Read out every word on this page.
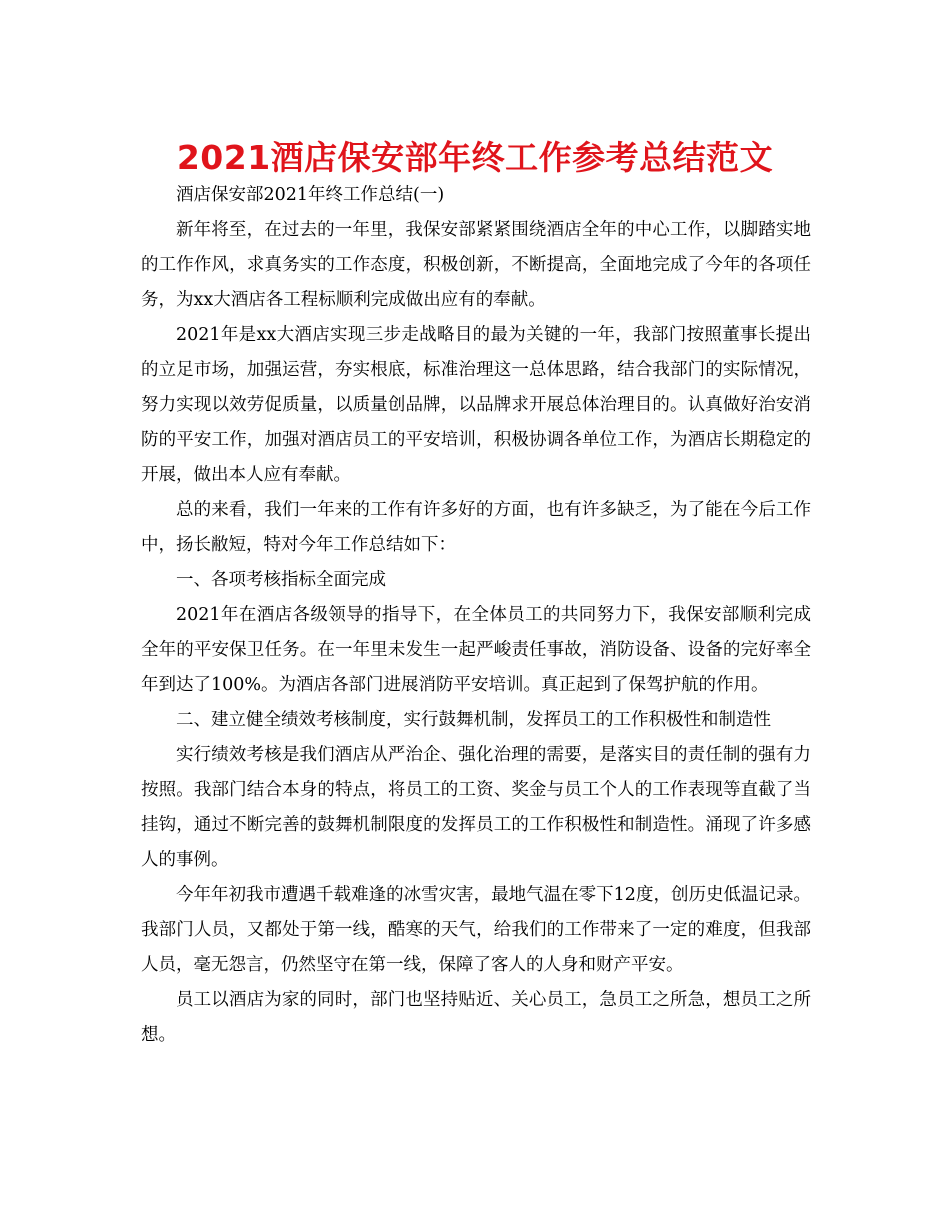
2021酒店保安部年终工作参考总结范文

酒店保安部2021年终工作总结(一)

新年将至，在过去的一年里，我保安部紧紧围绕酒店全年的中心工作，以脚踏实地的工作作风，求真务实的工作态度，积极创新，不断提高，全面地完成了今年的各项任务，为xx大酒店各工程标顺利完成做出应有的奉献。

2021年是xx大酒店实现三步走战略目的最为关键的一年，我部门按照董事长提出的立足市场，加强运营，夯实根底，标准治理这一总体思路，结合我部门的实际情况，努力实现以效劳促质量，以质量创品牌，以品牌求开展总体治理目的。认真做好治安消防的平安工作，加强对酒店员工的平安培训，积极协调各单位工作，为酒店长期稳定的开展，做出本人应有奉献。

总的来看，我们一年来的工作有许多好的方面，也有许多缺乏，为了能在今后工作中，扬长敝短，特对今年工作总结如下：

一、各项考核指标全面完成

2021年在酒店各级领导的指导下，在全体员工的共同努力下，我保安部顺利完成全年的平安保卫任务。在一年里未发生一起严峻责任事故，消防设备、设备的完好率全年到达了100%。为酒店各部门进展消防平安培训。真正起到了保驾护航的作用。

二、建立健全绩效考核制度，实行鼓舞机制，发挥员工的工作积极性和制造性

实行绩效考核是我们酒店从严治企、强化治理的需要，是落实目的责任制的强有力按照。我部门结合本身的特点，将员工的工资、奖金与员工个人的工作表现等直截了当挂钩，通过不断完善的鼓舞机制限度的发挥员工的工作积极性和制造性。涌现了许多感人的事例。

今年年初我市遭遇千载难逢的冰雪灾害，最地气温在零下12度，创历史低温记录。我部门人员，又都处于第一线，酷寒的天气，给我们的工作带来了一定的难度，但我部人员，毫无怨言，仍然坚守在第一线，保障了客人的人身和财产平安。

员工以酒店为家的同时，部门也坚持贴近、关心员工，急员工之所急，想员工之所想。
